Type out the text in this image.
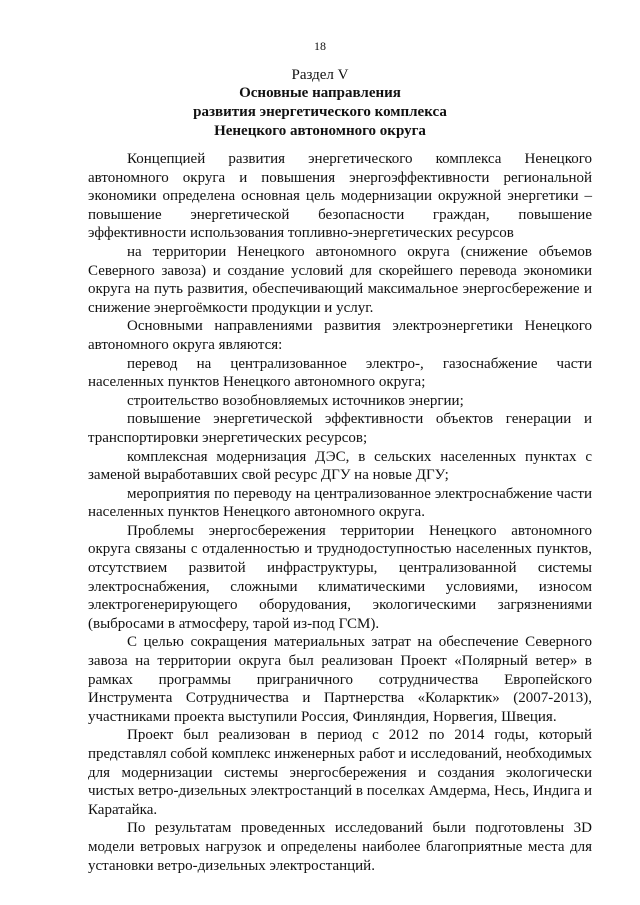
18
Раздел V
Основные направления
развития энергетического комплекса
Ненецкого автономного округа

Концепцией развития энергетического комплекса Ненецкого автономного округа и повышения энергоэффективности региональной экономики определена основная цель модернизации окружной энергетики – повышение энергетической безопасности граждан, повышение эффективности использования топливно-энергетических ресурсов

на территории Ненецкого автономного округа (снижение объемов Северного завоза) и создание условий для скорейшего перевода экономики округа на путь развития, обеспечивающий максимальное энергосбережение и снижение энергоёмкости продукции и услуг.

Основными направлениями развития электроэнергетики Ненецкого автономного округа являются:

перевод на централизованное электро-, газоснабжение части населенных пунктов Ненецкого автономного округа;

строительство возобновляемых источников энергии;

повышение энергетической эффективности объектов генерации и транспортировки энергетических ресурсов;

комплексная модернизация ДЭС, в сельских населенных пунктах с заменой выработавших свой ресурс ДГУ на новые ДГУ;

мероприятия по переводу на централизованное электроснабжение части населенных пунктов Ненецкого автономного округа.

Проблемы энергосбережения территории Ненецкого автономного округа связаны с отдаленностью и труднодоступностью населенных пунктов, отсутствием развитой инфраструктуры, централизованной системы электроснабжения, сложными климатическими условиями, износом электрогенерирующего оборудования, экологическими загрязнениями (выбросами в атмосферу, тарой из-под ГСМ).

С целью сокращения материальных затрат на обеспечение Северного завоза на территории округа был реализован Проект «Полярный ветер» в рамках программы приграничного сотрудничества Европейского Инструмента Сотрудничества и Партнерства «Коларктик» (2007-2013), участниками проекта выступили Россия, Финляндия, Норвегия, Швеция.

Проект был реализован в период с 2012 по 2014 годы, который представлял собой комплекс инженерных работ и исследований, необходимых для модернизации системы энергосбережения и создания экологически чистых ветро-дизельных электростанций в поселках Амдерма, Несь, Индига и Каратайка.

По результатам проведенных исследований были подготовлены 3D модели ветровых нагрузок и определены наиболее благоприятные места для установки ветро-дизельных электростанций.
